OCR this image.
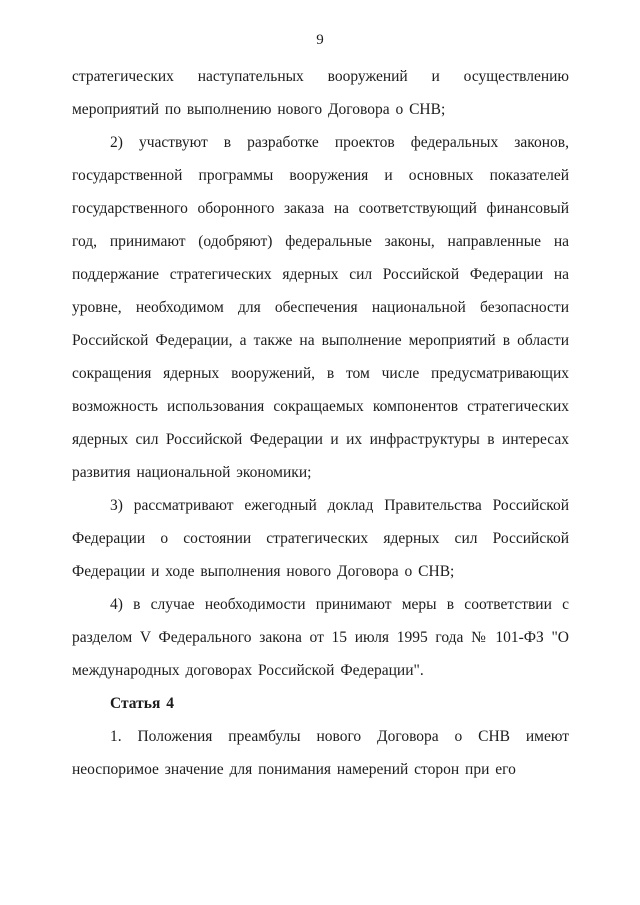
9

стратегических наступательных вооружений и осуществлению мероприятий по выполнению нового Договора о СНВ;

2) участвуют в разработке проектов федеральных законов, государственной программы вооружения и основных показателей государственного оборонного заказа на соответствующий финансовый год, принимают (одобряют) федеральные законы, направленные на поддержание стратегических ядерных сил Российской Федерации на уровне, необходимом для обеспечения национальной безопасности Российской Федерации, а также на выполнение мероприятий в области сокращения ядерных вооружений, в том числе предусматривающих возможность использования сокращаемых компонентов стратегических ядерных сил Российской Федерации и их инфраструктуры в интересах развития национальной экономики;

3) рассматривают ежегодный доклад Правительства Российской Федерации о состоянии стратегических ядерных сил Российской Федерации и ходе выполнения нового Договора о СНВ;

4) в случае необходимости принимают меры в соответствии с разделом V Федерального закона от 15 июля 1995 года № 101-ФЗ "О международных договорах Российской Федерации".

Статья 4

1. Положения преамбулы нового Договора о СНВ имеют неоспоримое значение для понимания намерений сторон при его
